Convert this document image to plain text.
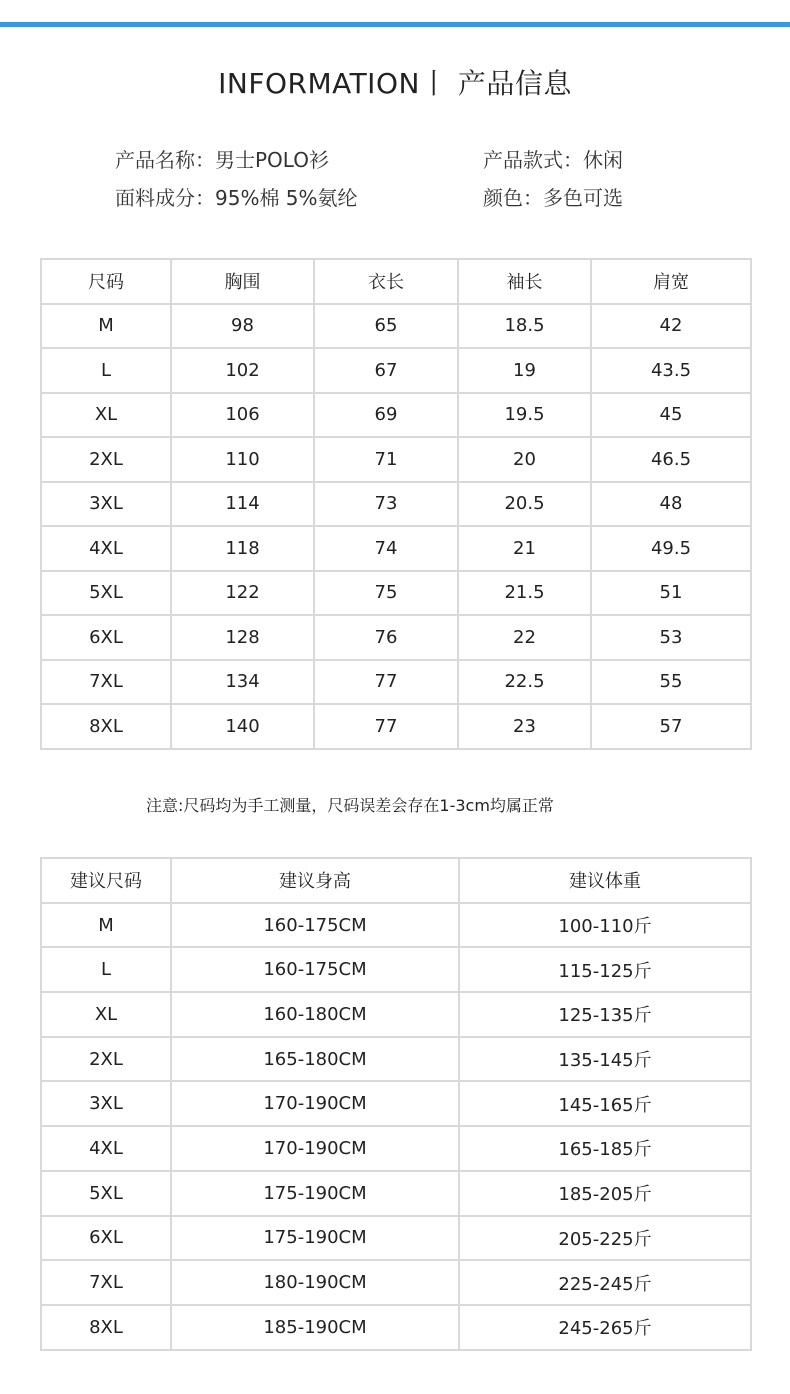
INFORMATION丨 产品信息
产品名称：男士POLO衫	产品款式：休闲
面料成分：95%棉 5%氨纶	颜色：多色可选
尺码	胸围	衣长	袖长	肩宽
M	98	65	18.5	42
L	102	67	19	43.5
XL	106	69	19.5	45
2XL	110	71	20	46.5
3XL	114	73	20.5	48
4XL	118	74	21	49.5
5XL	122	75	21.5	51
6XL	128	76	22	53
7XL	134	77	22.5	55
8XL	140	77	23	57
注意:尺码均为手工测量，尺码误差会存在1-3cm均属正常
建议尺码	建议身高	建议体重
M	160-175CM	100-110斤
L	160-175CM	115-125斤
XL	160-180CM	125-135斤
2XL	165-180CM	135-145斤
3XL	170-190CM	145-165斤
4XL	170-190CM	165-185斤
5XL	175-190CM	185-205斤
6XL	175-190CM	205-225斤
7XL	180-190CM	225-245斤
8XL	185-190CM	245-265斤
